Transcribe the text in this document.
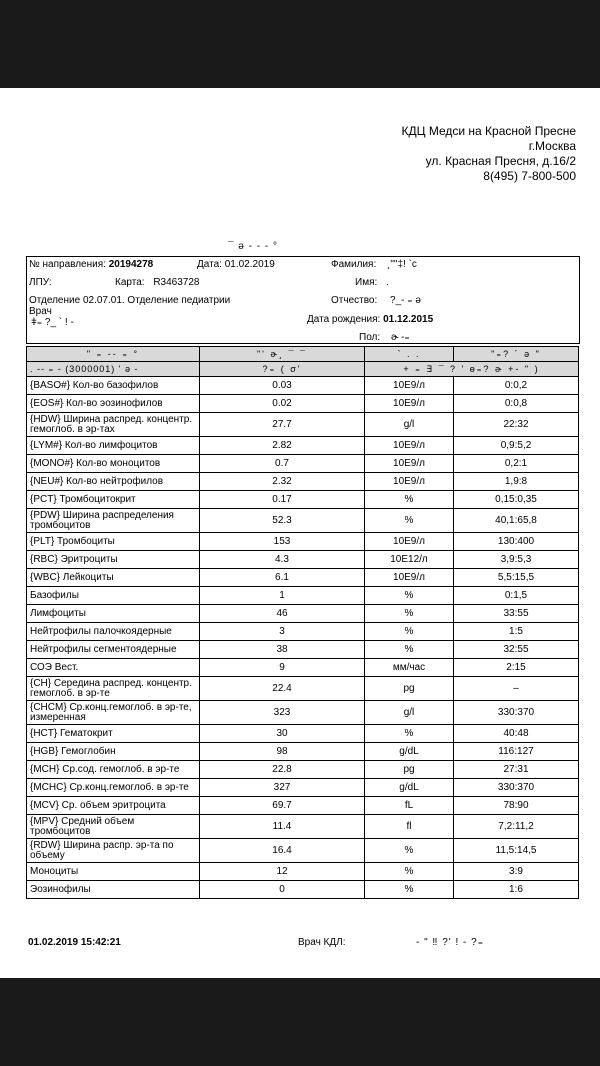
КДЦ Медси на Красной Пресне
г.Москва
ул. Красная Пресня, д.16/2
8(495) 7-800-500
¯ ə - - - °
№ направления: 20194278	Дата: 01.02.2019	Фамилия: ¸""‡! `c
ЛПУ:	Карта: R3463728	Имя: .
Отделение 02.07.01. Отделение педиатрии	Отчество: ?_- ₌ ə
Врач
ǂ₌ ?_ ` ! -	Дата рождения: 01.12.2015
Пол: ɚ -₌
" ₌ -- ₌ °	"' ɚ¸ ¯ ¯	` . .	"₌? ´ ə "
. -- ₌ - (3000001) ' ə -	?₌ ( σ'	+ ₌ ∃ ¯ ? ' ɵ₌? ɚ +- " )	
{BASO#} Кол-во базофилов	0.03	10E9/л	0:0,2
{EOS#} Кол-во эозинофилов	0.02	10E9/л	0:0,8
{HDW} Ширина распред. концентр. гемоглоб. в эр-тах	27.7	g/l	22:32
{LYM#} Кол-во лимфоцитов	2.82	10E9/л	0,9:5,2
{MONO#} Кол-во моноцитов	0.7	10E9/л	0,2:1
{NEU#} Кол-во нейтрофилов	2.32	10E9/л	1,9:8
{PCT} Тромбоцитокрит	0.17	%	0,15:0,35
{PDW} Ширина распределения тромбоцитов	52.3	%	40,1:65,8
{PLT} Тромбоциты	153	10E9/л	130:400
{RBC} Эритроциты	4.3	10E12/л	3,9:5,3
{WBC} Лейкоциты	6.1	10E9/л	5,5:15,5
Базофилы	1	%	0:1,5
Лимфоциты	46	%	33:55
Нейтрофилы палочкоядерные	3	%	1:5
Нейтрофилы сегментоядерные	38	%	32:55
СОЭ Вест.	9	мм/час	2:15
{CH} Середина распред. концентр. гемоглоб. в эр-те	22.4	pg	–
{CHCM} Ср.конц.гемоглоб. в эр-те, измеренная	323	g/l	330:370
{HCT} Гематокрит	30	%	40:48
{HGB} Гемоглобин	98	g/dL	116:127
{MCH} Ср.сод. гемоглоб. в эр-те	22.8	pg	27:31
{MCHC} Ср.конц.гемоглоб. в эр-те	327	g/dL	330:370
{MCV} Ср. объем эритроцита	69.7	fL	78:90
{MPV} Средний объем тромбоцитов	11.4	fl	7,2:11,2
{RDW} Ширина распр. эр-та по объему	16.4	%	11,5:14,5
Моноциты	12	%	3:9
Эозинофилы	0	%	1:6
01.02.2019 15:42:21	Врач КДЛ:	- " ‼ ?' ! - ?₌
